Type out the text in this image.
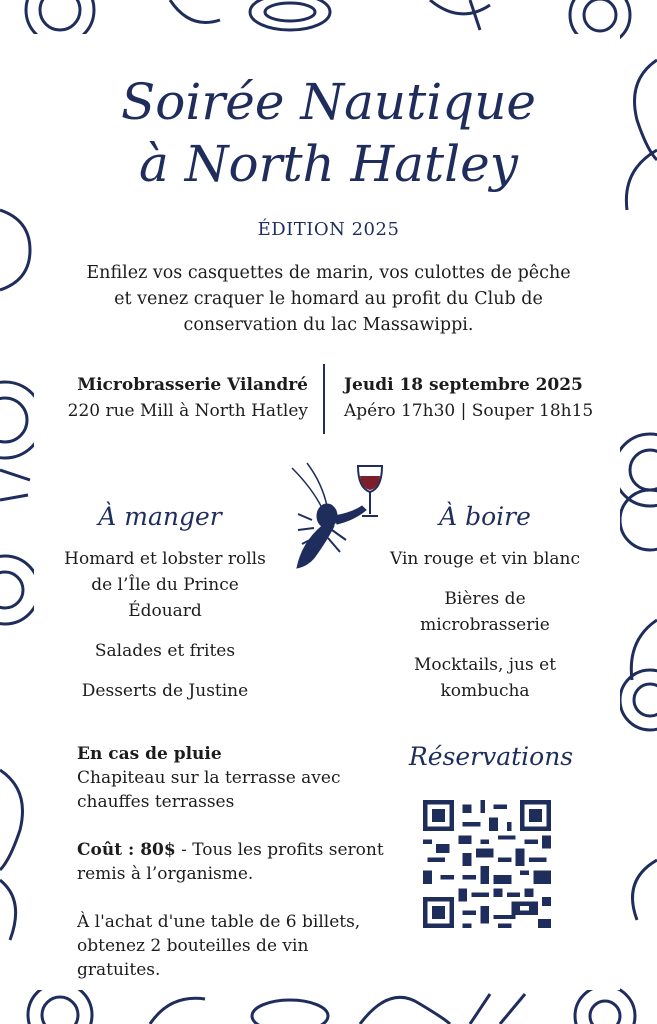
Soirée Nautique
à North Hatley
ÉDITION 2025
Enfilez vos casquettes de marin, vos culottes de pêche
et venez craquer le homard au profit du Club de
conservation du lac Massawippi.
Microbrasserie Vilandré
220 rue Mill à North Hatley
Jeudi 18 septembre 2025
Apéro 17h30 | Souper 18h15
À manger	À boire

Homard et lobster rolls de l’Île du Prince Édouard

Salades et frites

Desserts de Justine

Vin rouge et vin blanc

Bières de microbrasserie

Mocktails, jus et kombucha

En cas de pluie
Chapiteau sur la terrasse avec chauffes terrasses

Coût : 80$ - Tous les profits seront remis à l’organisme.

À l'achat d'une table de 6 billets, obtenez 2 bouteilles de vin gratuites.

Réservations
